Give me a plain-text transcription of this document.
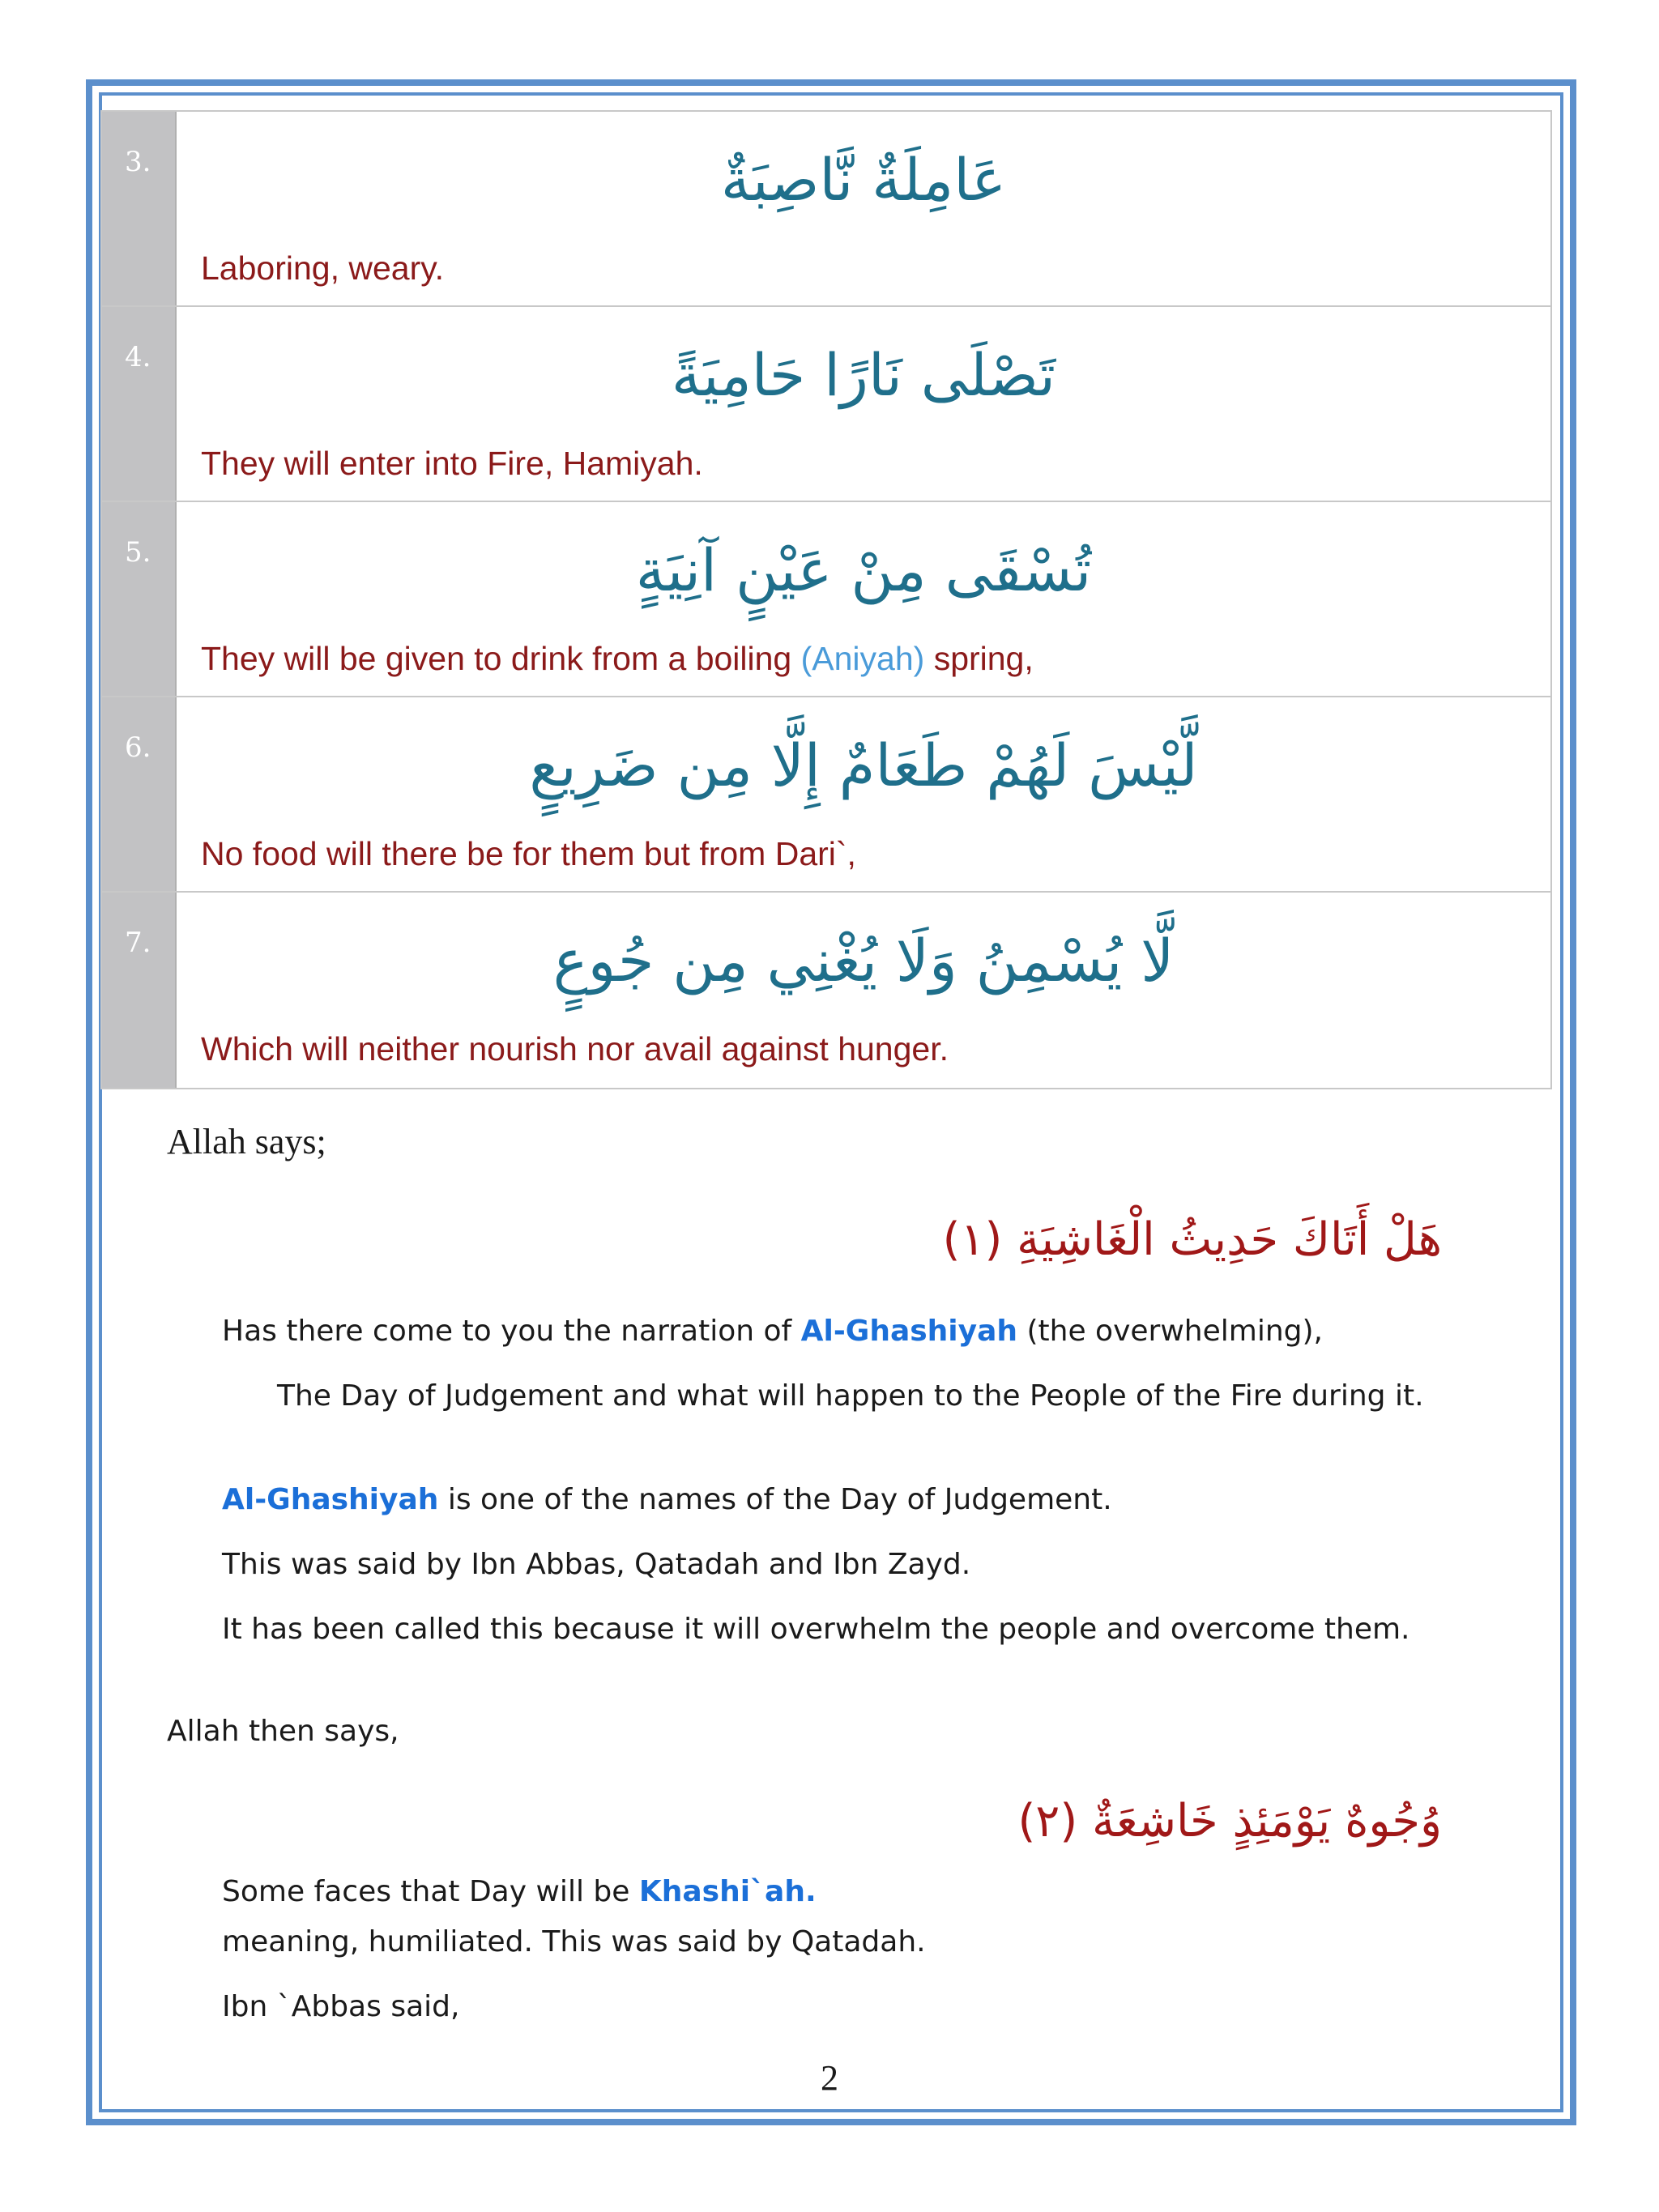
3.	عَامِلَةٌ نَّاصِبَةٌ
Laboring, weary.
4.	تَصْلَى نَارًا حَامِيَةً
They will enter into Fire, Hamiyah.
5.	تُسْقَى مِنْ عَيْنٍ آنِيَةٍ
They will be given to drink from a boiling (Aniyah) spring,
6.	لَّيْسَ لَهُمْ طَعَامٌ إِلَّا مِن ضَرِيعٍ
No food will there be for them but from Dari`,
7.	لَّا يُسْمِنُ وَلَا يُغْنِي مِن جُوعٍ
Which will neither nourish nor avail against hunger.
Allah says;
هَلْ أَتَاكَ حَدِيثُ الْغَاشِيَةِ (١)
Has there come to you the narration of Al-Ghashiyah (the overwhelming),
The Day of Judgement and what will happen to the People of the Fire during it.
Al-Ghashiyah is one of the names of the Day of Judgement.
This was said by Ibn Abbas, Qatadah and Ibn Zayd.
It has been called this because it will overwhelm the people and overcome them.
Allah then says,
وُجُوهٌ يَوْمَئِذٍ خَاشِعَةٌ (٢)
Some faces that Day will be Khashi`ah.
meaning, humiliated. This was said by Qatadah.
Ibn `Abbas said,
2
